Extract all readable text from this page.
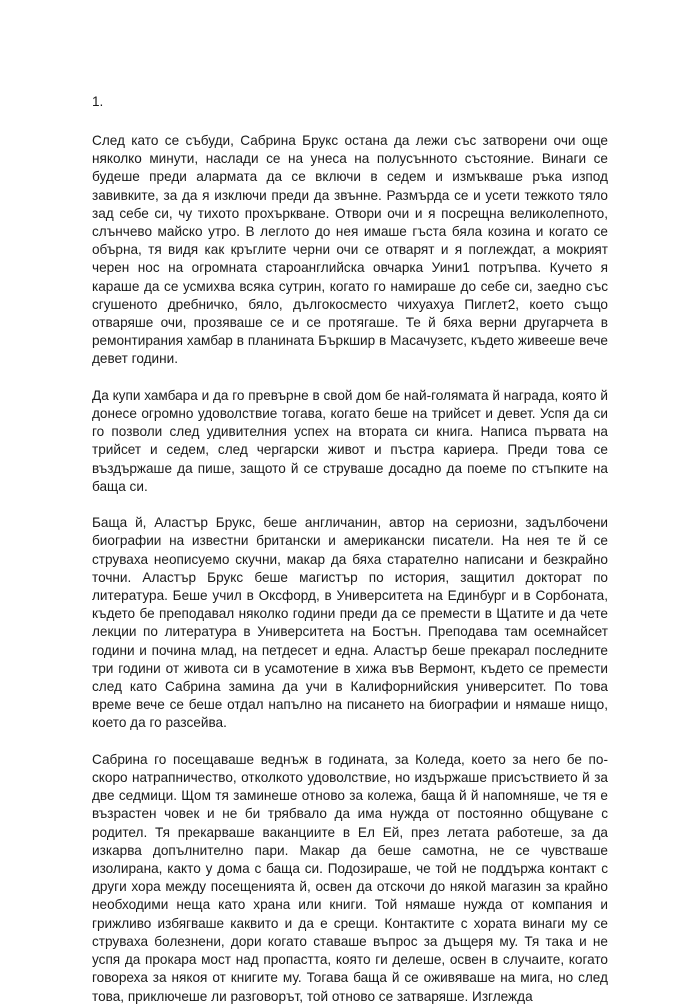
1.

След като се събуди, Сабрина Брукс остана да лежи със затворени очи още няколко минути, наслади се на унеса на полусънното състояние. Винаги се будеше преди алармата да се включи в седем и измъкваше ръка изпод завивките, за да я изключи преди да звънне. Размърда се и усети тежкото тяло зад себе си, чу тихото прохъркване. Отвори очи и я посрещна великолепното, слънчево майско утро. В леглото до нея имаше гъста бяла козина и когато се обърна, тя видя как кръглите черни очи се отварят и я поглеждат, а мокрият черен нос на огромната староанглийска овчарка Уини1 потръпва. Кучето я караше да се усмихва всяка сутрин, когато го намираше до себе си, заедно със сгушеното дребничко, бяло, дългокосместо чихуахуа Пиглет2, което също отваряше очи, прозяваше се и се протягаше. Те й бяха верни другарчета в ремонтирания хамбар в планината Бъркшир в Масачузетс, където живееше вече девет години.

Да купи хамбара и да го превърне в свой дом бе най-голямата й награда, която й донесе огромно удоволствие тогава, когато беше на трийсет и девет. Успя да си го позволи след удивителния успех на втората си книга. Написа първата на трийсет и седем, след чергарски живот и пъстра кариера. Преди това се въздържаше да пише, защото й се струваше досадно да поеме по стъпките на баща си.

Баща й, Аластър Брукс, беше англичанин, автор на сериозни, задълбочени биографии на известни британски и американски писатели. На нея те й се струваха неописуемо скучни, макар да бяха старателно написани и безкрайно точни. Аластър Брукс беше магистър по история, защитил докторат по литература. Беше учил в Оксфорд, в Университета на Единбург и в Сорбоната, където бе преподавал няколко години преди да се премести в Щатите и да чете лекции по литература в Университета на Бостън. Преподава там осемнайсет години и почина млад, на петдесет и една. Аластър беше прекарал последните три години от живота си в усамотение в хижа във Вермонт, където се премести след като Сабрина замина да учи в Калифорнийския университет. По това време вече се беше отдал напълно на писането на биографии и нямаше нищо, което да го разсейва.

Сабрина го посещаваше веднъж в годината, за Коледа, което за него бе по-скоро натрапничество, отколкото удоволствие, но издържаше присъствието й за две седмици. Щом тя заминеше отново за колежа, баща й й напомняше, че тя е възрастен човек и не би трябвало да има нужда от постоянно общуване с родител. Тя прекарваше ваканциите в Ел Ей, през летата работеше, за да изкарва допълнително пари. Макар да беше самотна, не се чувстваше изолирана, както у дома с баща си. Подозираше, че той не поддържа контакт с други хора между посещенията й, освен да отскочи до някой магазин за крайно необходими неща като храна или книги. Той нямаше нужда от компания и грижливо избягваше каквито и да е срещи. Контактите с хората винаги му се струваха болезнени, дори когато ставаше въпрос за дъщеря му. Тя така и не успя да прокара мост над пропастта, която ги делеше, освен в случаите, когато говореха за някоя от книгите му. Тогава баща й се оживяваше на мига, но след това, приключеше ли разговорът, той отново се затваряше. Изглежда
